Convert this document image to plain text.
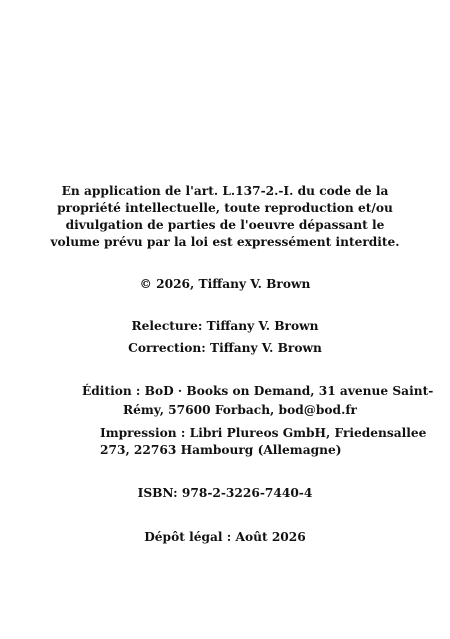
En application de l'art. L.137-2.-I. du code de la
propriété intellectuelle, toute reproduction et/ou
divulgation de parties de l'oeuvre dépassant le
volume prévu par la loi est expressément interdite.
© 2026, Tiffany V. Brown
Relecture: Tiffany V. Brown
Correction: Tiffany V. Brown
Édition : BoD · Books on Demand, 31 avenue Saint-
Rémy, 57600 Forbach, bod@bod.fr
Impression : Libri Plureos GmbH, Friedensallee
273, 22763 Hambourg (Allemagne)
ISBN: 978-2-3226-7440-4
Dépôt légal : Août 2026
